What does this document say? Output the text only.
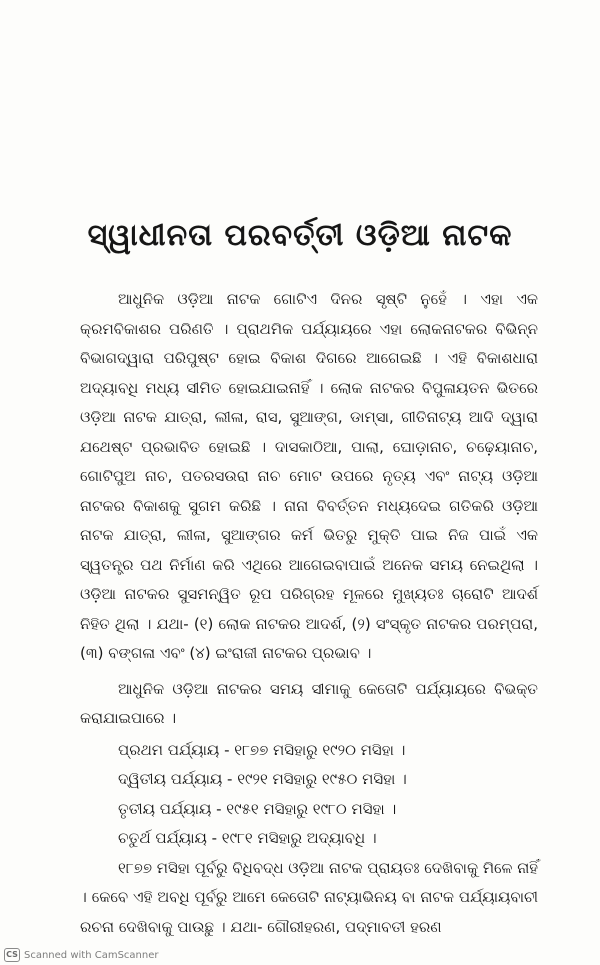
ସ୍ୱାଧୀନତା ପରବର୍ତ୍ତୀ ଓଡ଼ିଆ ନାଟକ

ଆଧୁନିକ ଓଡ଼ିଆ ନାଟକ ଗୋଟିଏ ଦିନର ସୃଷ୍ଟି ନୁହେଁ । ଏହା ଏକ କ୍ରମବିକାଶର ପରିଣତି । ପ୍ରାଥମିକ ପର୍ଯ୍ୟାୟରେ ଏହା ଲୋକନାଟକର ବିଭିନ୍ନ ବିଭାଗଦ୍ୱାରା ପରିପୁଷ୍ଟ ହୋଇ ବିକାଶ ଦିଗରେ ଆଗେଇଛି । ଏହି ବିକାଶଧାରା ଅଦ୍ୟାବଧି ମଧ୍ୟ ସୀମିତ ହୋଇଯାଇନାହିଁ । ଲୋକ ନାଟକର ବିପୁଳାୟତନ ଭିତରେ ଓଡ଼ିଆ ନାଟକ ଯାତ୍ରା, ଲୀଳା, ରାସ, ସୁଆଙ୍ଗ, ଡାମ୍ସା, ଗୀତିନାଟ୍ୟ ଆଦି ଦ୍ୱାରା ଯଥେଷ୍ଟ ପ୍ରଭାବିତ ହୋଇଛି । ଦାସକାଠିଆ, ପାଲା, ଘୋଡ଼ାନାଚ, ଚଢ଼େୟାନାଚ, ଗୋଟିପୁଅ ନାଚ, ପତରସଉରା ନାଚ ମୋଟ ଉପରେ ନୃତ୍ୟ ଏବଂ ନାଟ୍ୟ ଓଡ଼ିଆ ନାଟକର ବିକାଶକୁ ସୁଗମ କରିଛି । ନାନା ବିବର୍ତ୍ତନ ମଧ୍ୟଦେଇ ଗତିକରି ଓଡ଼ିଆ ନାଟକ ଯାତ୍ରା, ଲୀଳା, ସୁଆଙ୍ଗର କର୍ମ ଭିତରୁ ମୁକ୍ତି ପାଇ ନିଜ ପାଇଁ ଏକ ସ୍ୱତନ୍ତ୍ର ପଥ ନିର୍ମାଣ କରି ଏଥିରେ ଆଗେଇବାପାଇଁ ଅନେକ ସମୟ ନେଇଥିଲା । ଓଡ଼ିଆ ନାଟକର ସୁସମନ୍ୱିତ ରୂପ ପରିଗ୍ରହ ମୂଳରେ ମୁଖ୍ୟତଃ ଚାରୋଟି ଆଦର୍ଶ ନିହିତ ଥିଲା । ଯଥା- (୧) ଲୋକ ନାଟକର ଆଦର୍ଶ, (୨) ସଂସ୍କୃତ ନାଟକର ପରମ୍ପରା, (୩) ବଙ୍ଗଳା ଏବଂ (୪) ଇଂରାଜୀ ନାଟକର ପ୍ରଭାବ ।

ଆଧୁନିକ ଓଡ଼ିଆ ନାଟକର ସମୟ ସୀମାକୁ କେତୋଟି ପର୍ଯ୍ୟାୟରେ ବିଭକ୍ତ କରାଯାଇପାରେ ।

ପ୍ରଥମ ପର୍ଯ୍ୟାୟ - ୧୮୭୭ ମସିହାରୁ ୧୯୨୦ ମସିହା ।
ଦ୍ୱିତୀୟ ପର୍ଯ୍ୟାୟ - ୧୯୨୧ ମସିହାରୁ ୧୯୫୦ ମସିହା ।
ତୃତୀୟ ପର୍ଯ୍ୟାୟ - ୧୯୫୧ ମସିହାରୁ ୧୯୮୦ ମସିହା ।
ଚତୁର୍ଥ ପର୍ଯ୍ୟାୟ - ୧୯୮୧ ମସିହାରୁ ଅଦ୍ୟାବଧି ।

୧୮୭୭ ମସିହା ପୂର୍ବରୁ ବିଧିବଦ୍ଧ ଓଡ଼ିଆ ନାଟକ ପ୍ରାୟତଃ ଦେଖିବାକୁ ମିଳେ ନାହିଁ । କେବେ ଏହି ଅବଧି ପୂର୍ବରୁ ଆମେ କେତୋଟି ନାଟ୍ୟାଭିନୟ ବା ନାଟକ ପର୍ଯ୍ୟାୟବାଚୀ ରଚନା ଦେଖିବାକୁ ପାଉଛୁ । ଯଥା- ଗୌରୀହରଣ, ପଦ୍ମାବତୀ ହରଣ

CS Scanned with CamScanner
